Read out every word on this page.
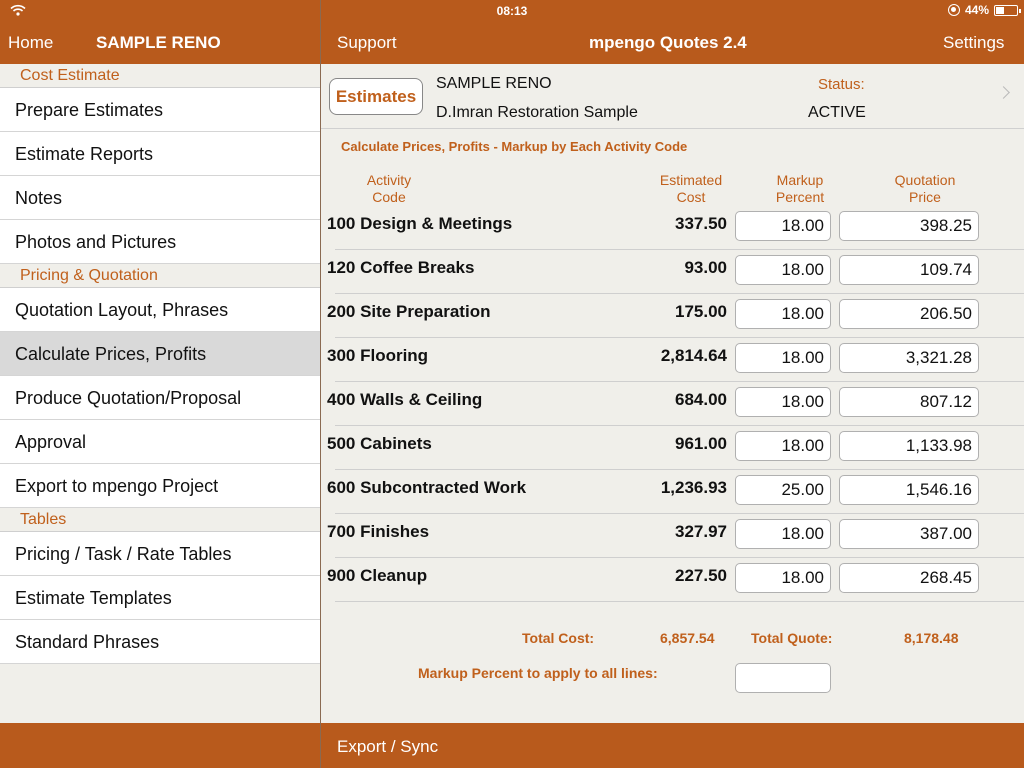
08:13	44%
Home	SAMPLE RENO	Support	mpengo Quotes 2.4	Settings
Cost Estimate
Prepare Estimates
Estimate Reports
Notes
Photos and Pictures
Pricing & Quotation
Quotation Layout, Phrases
Calculate Prices, Profits
Produce Quotation/Proposal
Approval
Export to mpengo Project
Tables
Pricing / Task / Rate Tables
Estimate Templates
Standard Phrases
Estimates
SAMPLE RENO
D.Imran Restoration Sample
Status:
ACTIVE
Calculate Prices, Profits - Markup by Each Activity Code
Activity
Code
Estimated
Cost
Markup
Percent
Quotation
Price
100 Design & Meetings	337.50	18.00	398.25
120 Coffee Breaks	93.00	18.00	109.74
200 Site Preparation	175.00	18.00	206.50
300 Flooring	2,814.64	18.00	3,321.28
400 Walls & Ceiling	684.00	18.00	807.12
500 Cabinets	961.00	18.00	1,133.98
600 Subcontracted Work	1,236.93	25.00	1,546.16
700 Finishes	327.97	18.00	387.00
900 Cleanup	227.50	18.00	268.45
Total Cost:	6,857.54	Total Quote:	8,178.48
Markup Percent to apply to all lines:
Export / Sync
